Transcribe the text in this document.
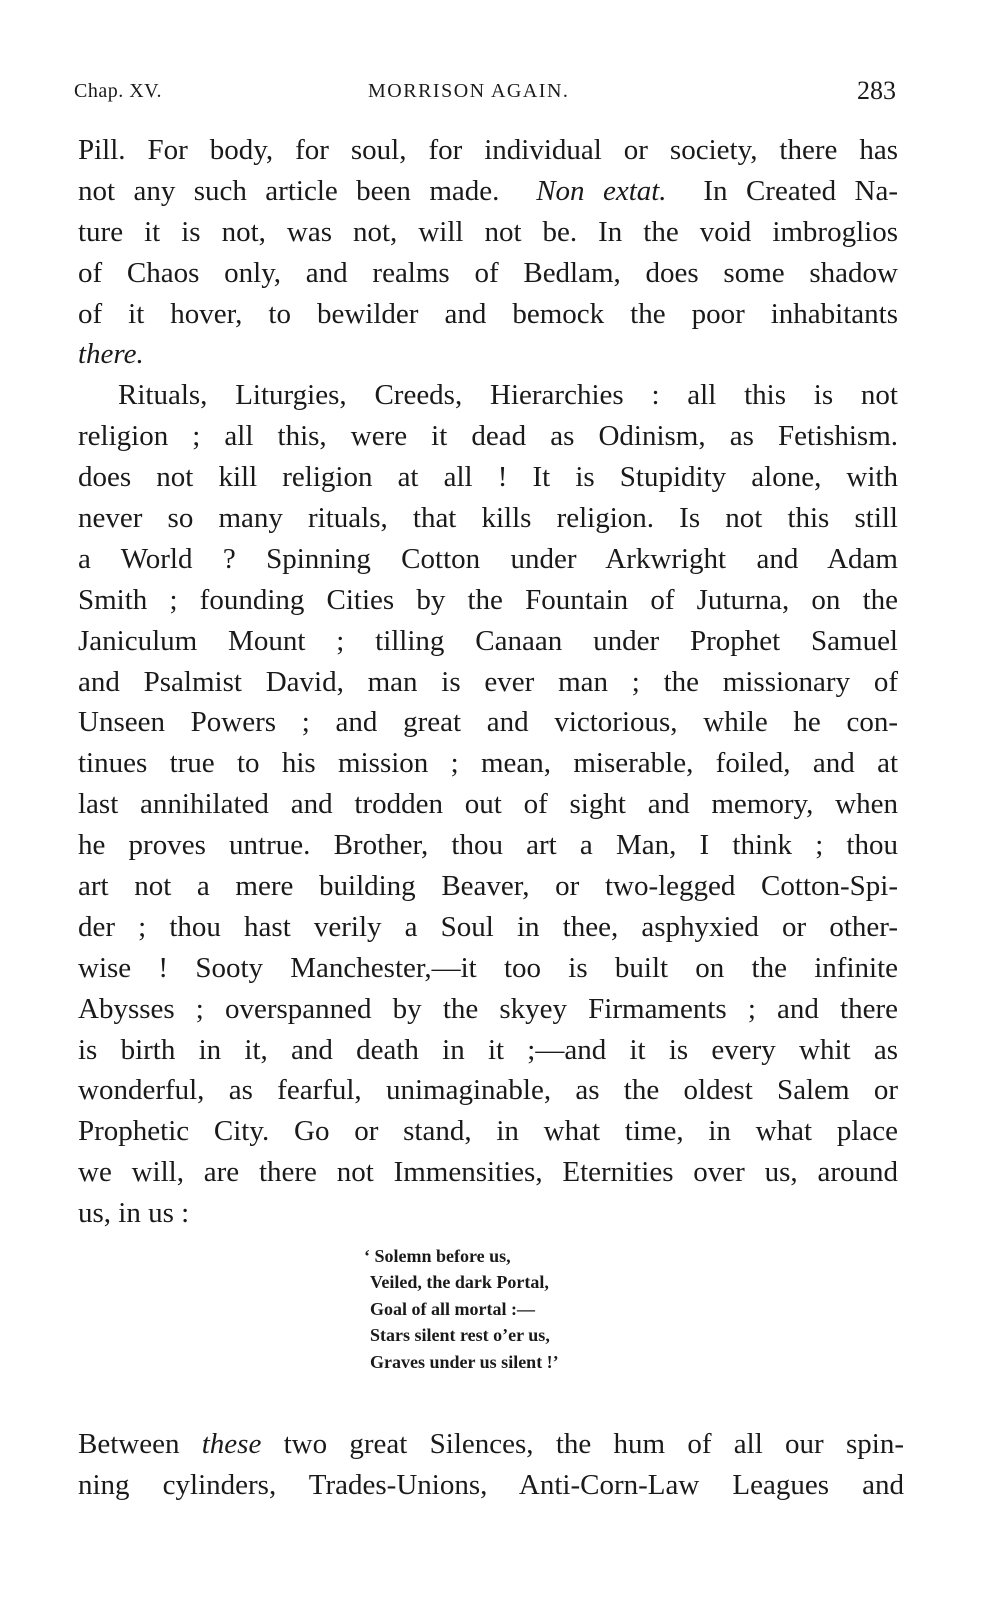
Chap. XV.	MORRISON AGAIN.	283
Pill. For body, for soul, for individual or society, there has
not any such article been made. Non extat. In Created Na-
ture it is not, was not, will not be. In the void imbroglios
of Chaos only, and realms of Bedlam, does some shadow
of it hover, to bewilder and bemock the poor inhabitants
there.
Rituals, Liturgies, Creeds, Hierarchies : all this is not
religion ; all this, were it dead as Odinism, as Fetishism.
does not kill religion at all ! It is Stupidity alone, with
never so many rituals, that kills religion. Is not this still
a World ? Spinning Cotton under Arkwright and Adam
Smith ; founding Cities by the Fountain of Juturna, on the
Janiculum Mount ; tilling Canaan under Prophet Samuel
and Psalmist David, man is ever man ; the missionary of
Unseen Powers ; and great and victorious, while he con-
tinues true to his mission ; mean, miserable, foiled, and at
last annihilated and trodden out of sight and memory, when
he proves untrue. Brother, thou art a Man, I think ; thou
art not a mere building Beaver, or two-legged Cotton-Spi-
der ; thou hast verily a Soul in thee, asphyxied or other-
wise ! Sooty Manchester,—it too is built on the infinite
Abysses ; overspanned by the skyey Firmaments ; and there
is birth in it, and death in it ;—and it is every whit as
wonderful, as fearful, unimaginable, as the oldest Salem or
Prophetic City. Go or stand, in what time, in what place
we will, are there not Immensities, Eternities over us, around
us, in us :
‘ Solemn before us,
Veiled, the dark Portal,
Goal of all mortal :—
Stars silent rest o’er us,
Graves under us silent !’
Between these two great Silences, the hum of all our spin-
ning cylinders, Trades-Unions, Anti-Corn-Law Leagues and
